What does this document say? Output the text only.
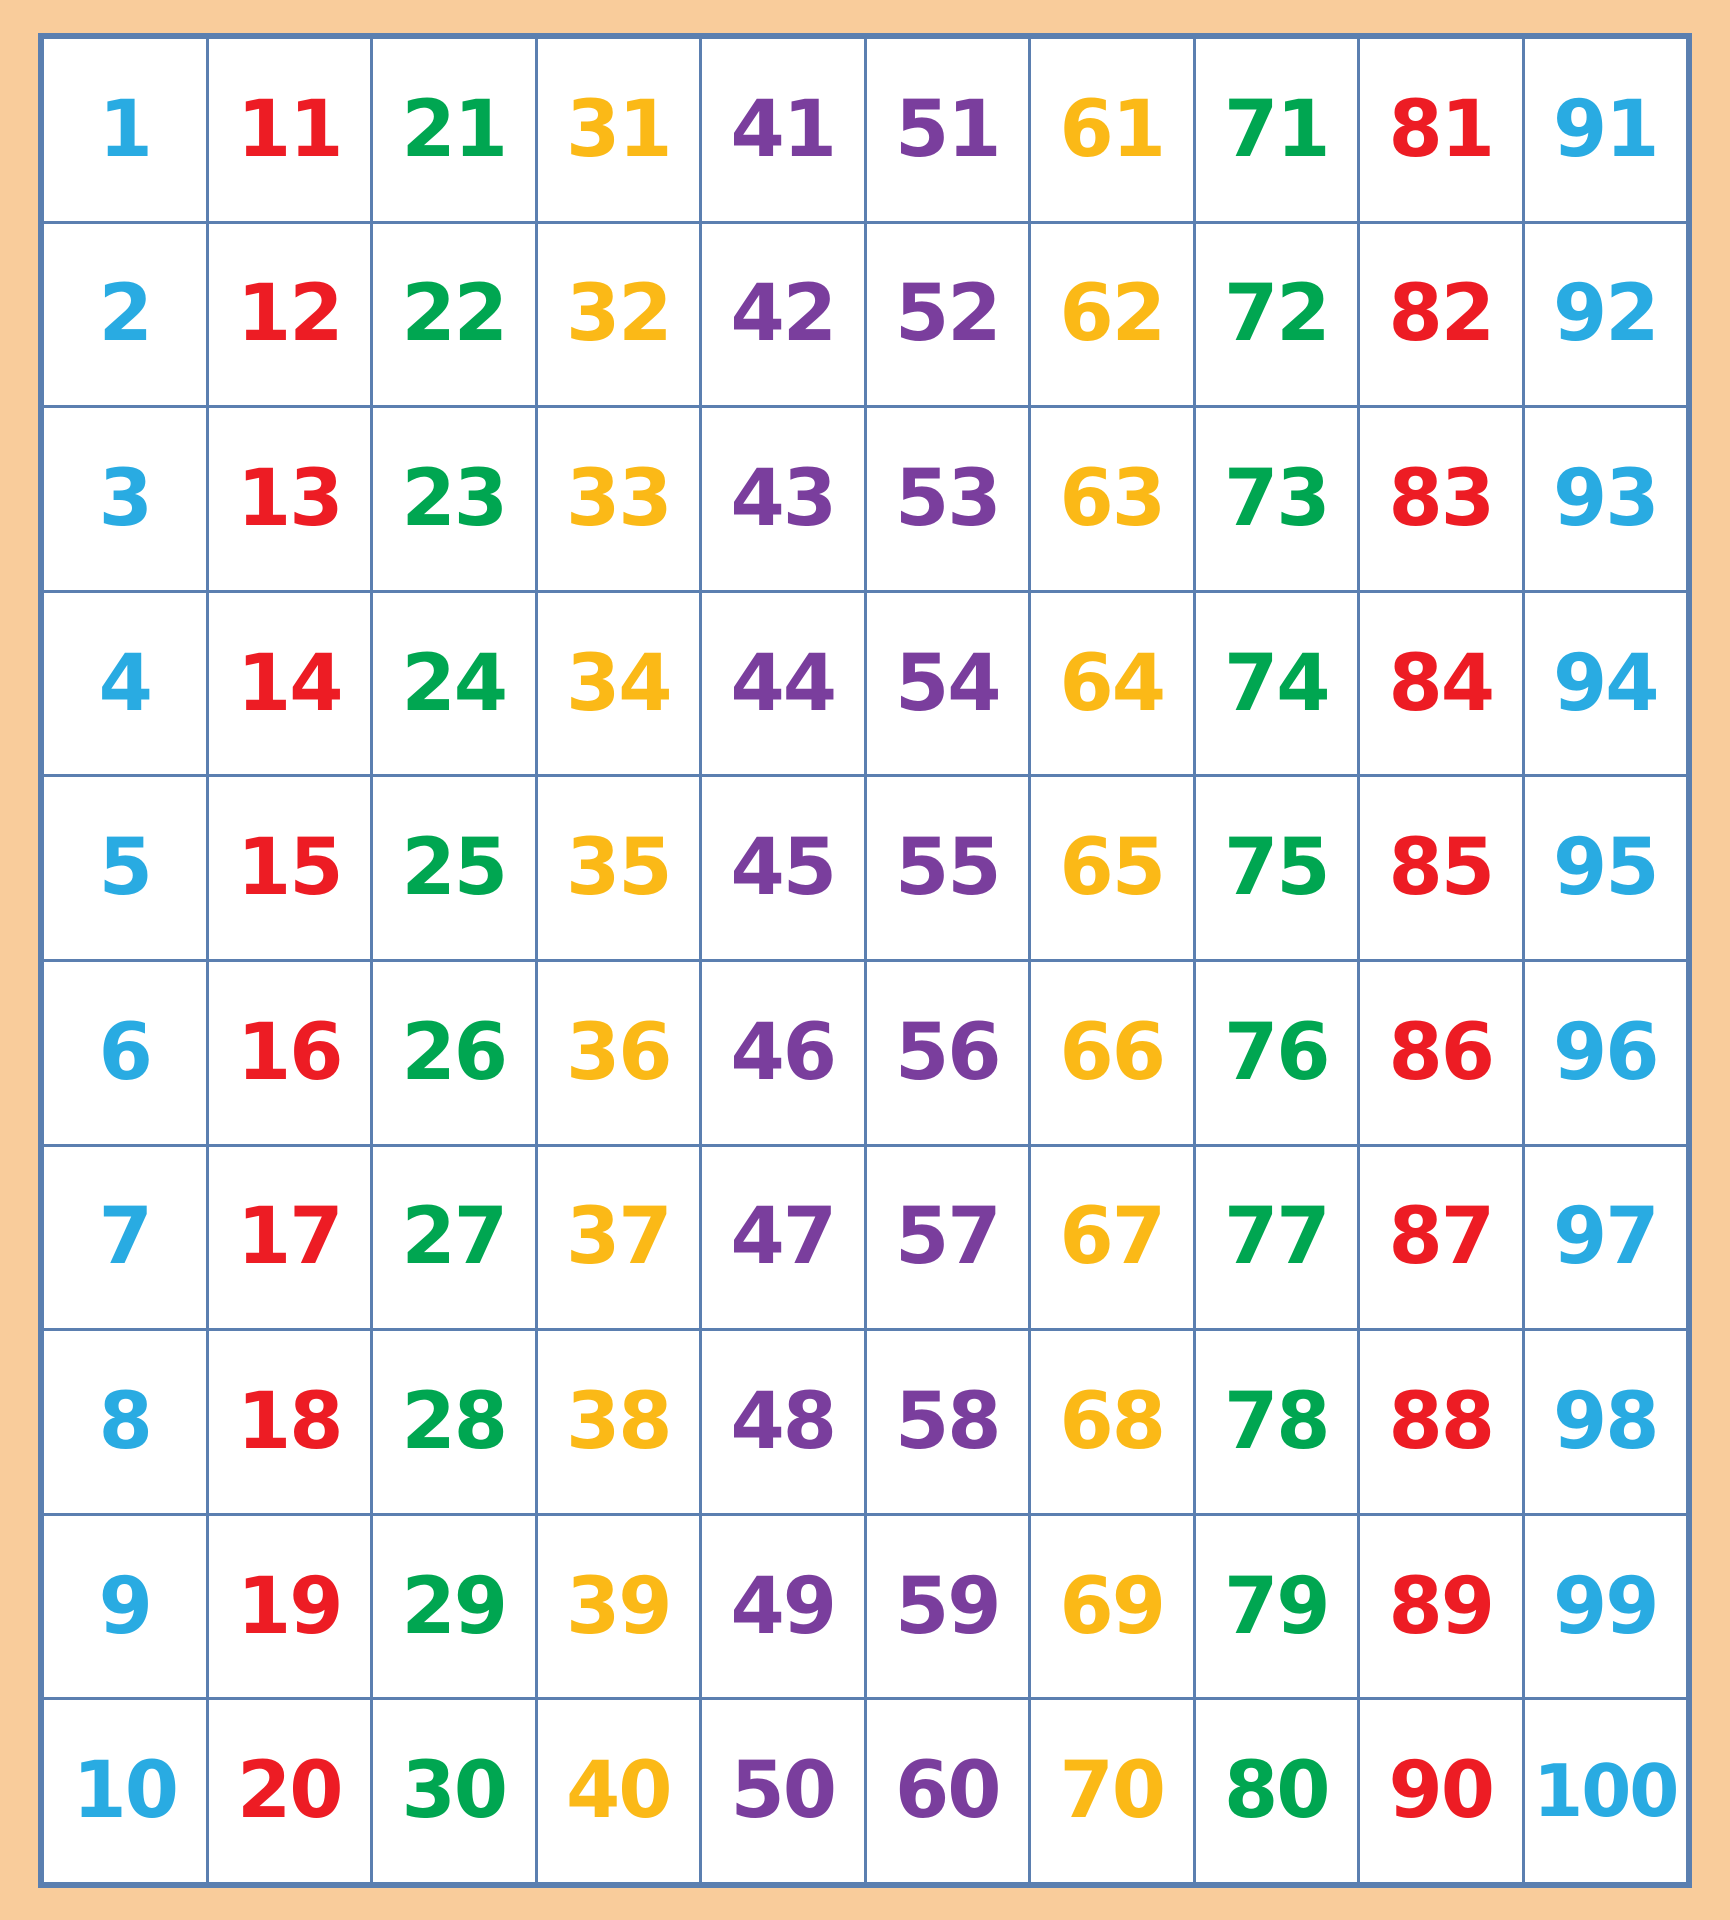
1	11	21	31	41	51	61	71	81	91

2	12	22	32	42	52	62	72	82	92

3	13	23	33	43	53	63	73	83	93

4	14	24	34	44	54	64	74	84	94

5	15	25	35	45	55	65	75	85	95

6	16	26	36	46	56	66	76	86	96

7	17	27	37	47	57	67	77	87	97

8	18	28	38	48	58	68	78	88	98

9	19	29	39	49	59	69	79	89	99

10	20	30	40	50	60	70	80	90	100
